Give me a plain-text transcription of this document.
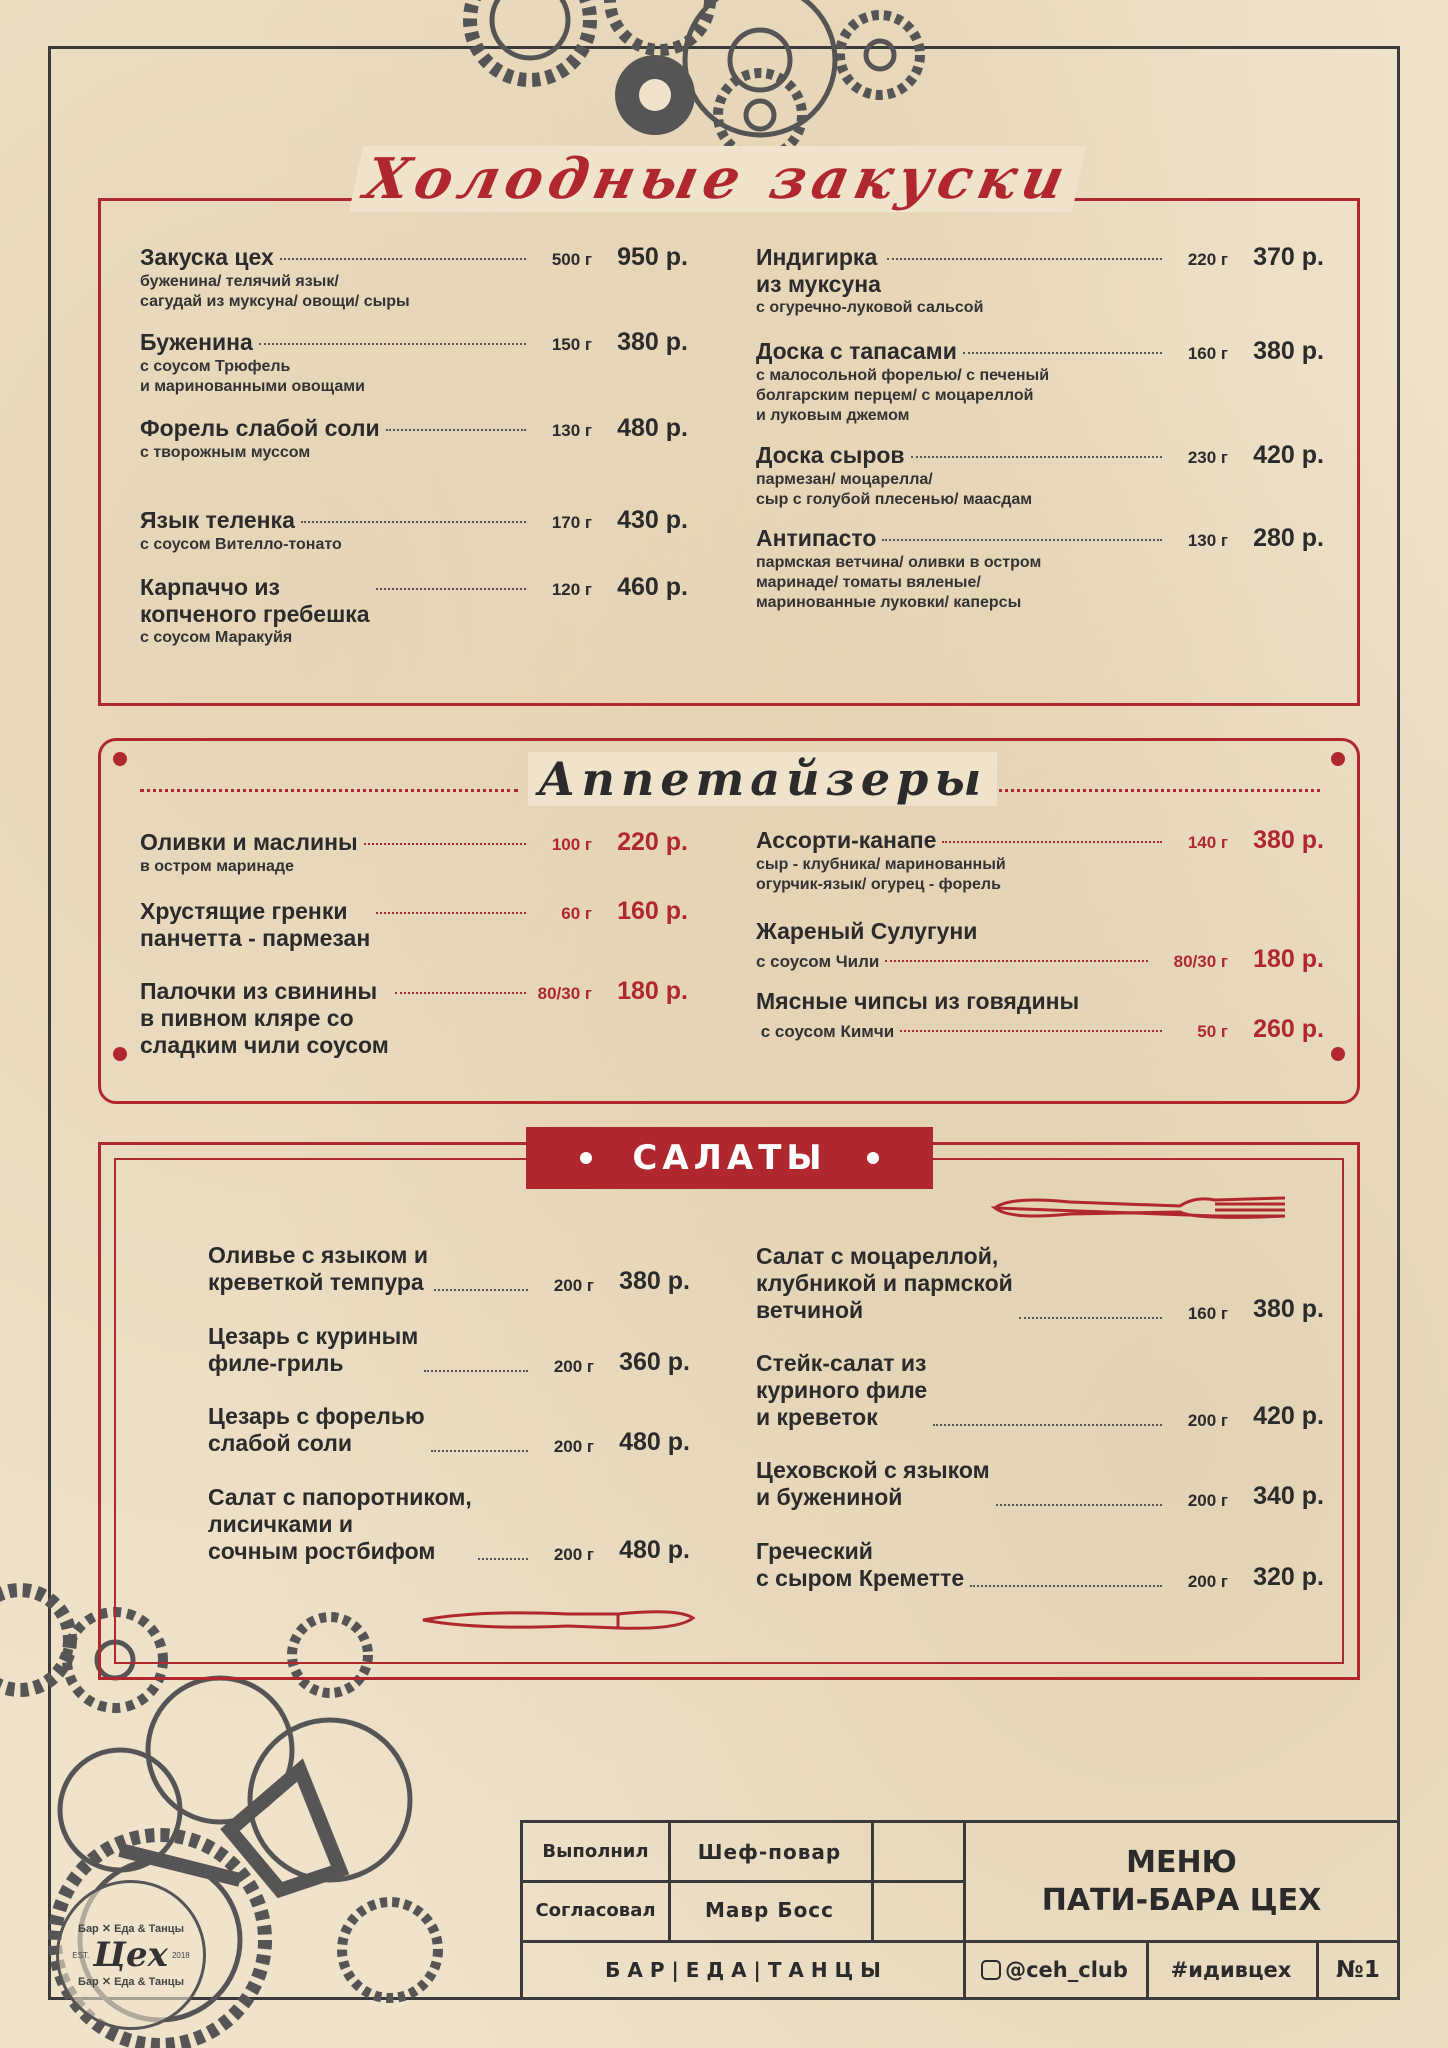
Бар ✕ Еда & Танцы
EST. Цех 2018
Бар ✕ Еда & Танцы
Холодные закуски
Закуска цех	500 г	950 р.
буженина/ телячий язык/
сагудай из муксуна/ овощи/ сыры
Буженина	150 г	380 р.
с соусом Трюфель
и маринованными овощами
Форель слабой соли	130 г	480 р.
с творожным муссом
Язык теленка	170 г	430 р.
с соусом Вителло-тонато
Карпаччо из
копченого гребешка
120 г	460 р.
с соусом Маракуйя
Индигирка
из муксуна
220 г	370 р.
с огуречно-луковой сальсой
Доска с тапасами	160 г	380 р.
с малосольной форелью/ с печеный
болгарским перцем/ с моцареллой
и луковым джемом
Доска сыров	230 г	420 р.
пармезан/ моцарелла/
сыр с голубой плесенью/ маасдам
Антипасто	130 г	280 р.
пармская ветчина/ оливки в остром
маринаде/ томаты вяленые/
маринованные луковки/ каперсы
Аппетайзеры
Оливки и маслины	100 г	220 р.
в остром маринаде
Хрустящие гренки
панчетта - пармезан
60 г	160 р.
Палочки из свинины
в пивном кляре со
сладким чили соусом
80/30 г	180 р.
Ассорти-канапе	140 г	380 р.
сыр - клубника/ маринованный
огурчик-язык/ огурец - форель
Жареный Сулугуни
с соусом Чили	80/30 г	180 р.
Мясные чипсы из говядины
с соусом Кимчи	50 г	260 р.
САЛАТЫ
Оливье с языком и
креветкой темпура	200 г	380 р.
Цезарь с куриным
филе-гриль	200 г	360 р.
Цезарь с форелью
слабой соли	200 г	480 р.
Салат с папоротником,
лисичками и
сочным ростбифом	200 г	480 р.
Салат с моцареллой,
клубникой и пармской
ветчиной	160 г	380 р.
Стейк-салат из
куриного филе
и креветок	200 г	420 р.
Цеховской с языком
и бужениной	200 г	340 р.
Греческий
с сыром Креметте	200 г	320 р.
Выполнил	Шеф-повар
Согласовал	Мавр Босс
Б А Р | Е Д А | Т А Н Ц Ы
МЕНЮ
ПАТИ-БАРА ЦЕХ
@ceh_club	#идивцех	№1
